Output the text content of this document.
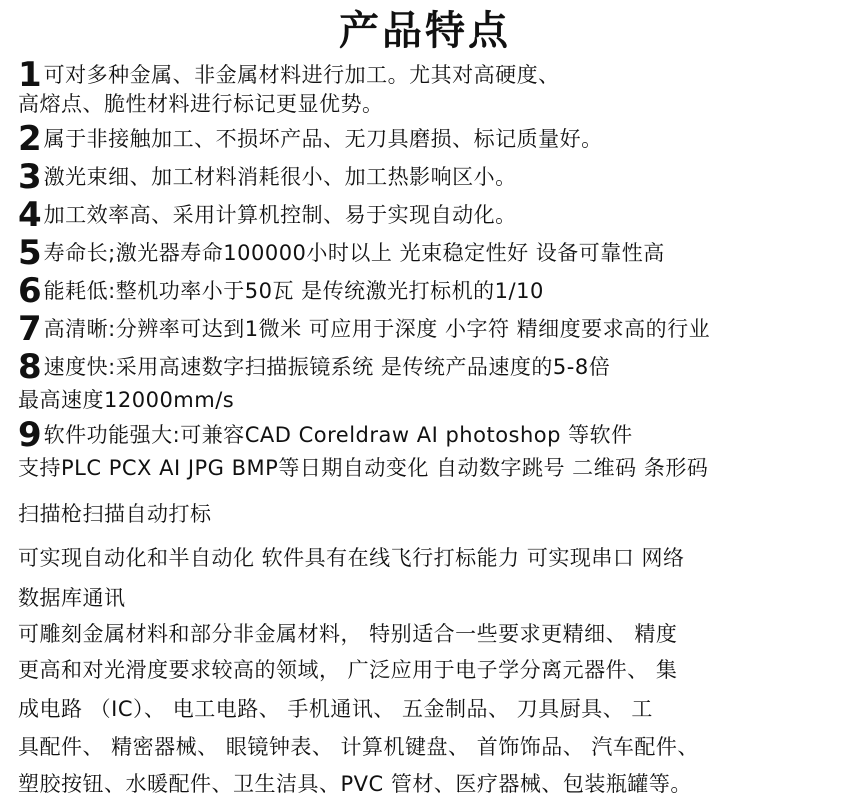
产品特点
1可对多种金属、非金属材料进行加工。尤其对高硬度、
高熔点、脆性材料进行标记更显优势。
2属于非接触加工、不损坏产品、无刀具磨损、标记质量好。
3激光束细、加工材料消耗很小、加工热影响区小。
4加工效率高、采用计算机控制、易于实现自动化。
5寿命长;激光器寿命100000小时以上 光束稳定性好 设备可靠性高
6能耗低:整机功率小于50瓦 是传统激光打标机的1/10
7高清晰:分辨率可达到1微米 可应用于深度 小字符 精细度要求高的行业
8速度快:采用高速数字扫描振镜系统 是传统产品速度的5-8倍
最高速度12000mm/s
9软件功能强大:可兼容CAD Coreldraw AI photoshop 等软件
支持PLC PCX AI JPG BMP等日期自动变化 自动数字跳号 二维码 条形码
扫描枪扫描自动打标
可实现自动化和半自动化 软件具有在线飞行打标能力 可实现串口 网络
数据库通讯
可雕刻金属材料和部分非金属材料， 特别适合一些要求更精细、 精度
更高和对光滑度要求较高的领域， 广泛应用于电子学分离元器件、 集
成电路 （IC）、 电工电路、 手机通讯、 五金制品、 刀具厨具、 工
具配件、 精密器械、 眼镜钟表、 计算机键盘、 首饰饰品、 汽车配件、
塑胶按钮、水暖配件、卫生洁具、PVC 管材、医疗器械、包装瓶罐等。
